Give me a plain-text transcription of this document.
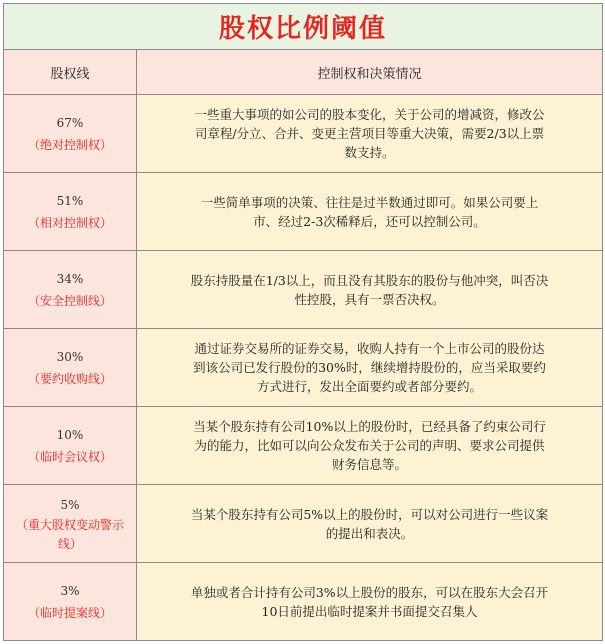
股权比例阈值	
股权线	控制权和决策情况
67%
（绝对控制权）	一些重大事项的如公司的股本变化，关于公司的增减资，修改公司章程/分立、合并、变更主营项目等重大决策，需要2/3以上票数支持。

51%
（相对控制权）	一些简单事项的决策、往往是过半数通过即可。如果公司要上市、经过2-3次稀释后，还可以控制公司。

34%
（安全控制线）	股东持股量在1/3以上，而且没有其股东的股份与他冲突，叫否决性控股，具有一票否决权。

30%
（要约收购线）	通过证券交易所的证券交易，收购人持有一个上市公司的股份达到该公司已发行股份的30%时，继续增持股份的，应当采取要约方式进行，发出全面要约或者部分要约。

10%
（临时会议权）	当某个股东持有公司10%以上的股份时，已经具备了约束公司行为的能力，比如可以向公众发布关于公司的声明、要求公司提供财务信息等。

5%

（重大股权变动警示线）	当某个股东持有公司5%以上的股份时，可以对公司进行一些议案的提出和表决。

3%
（临时提案线）	单独或者合计持有公司3%以上股份的股东，可以在股东大会召开10日前提出临时提案并书面提交召集人
